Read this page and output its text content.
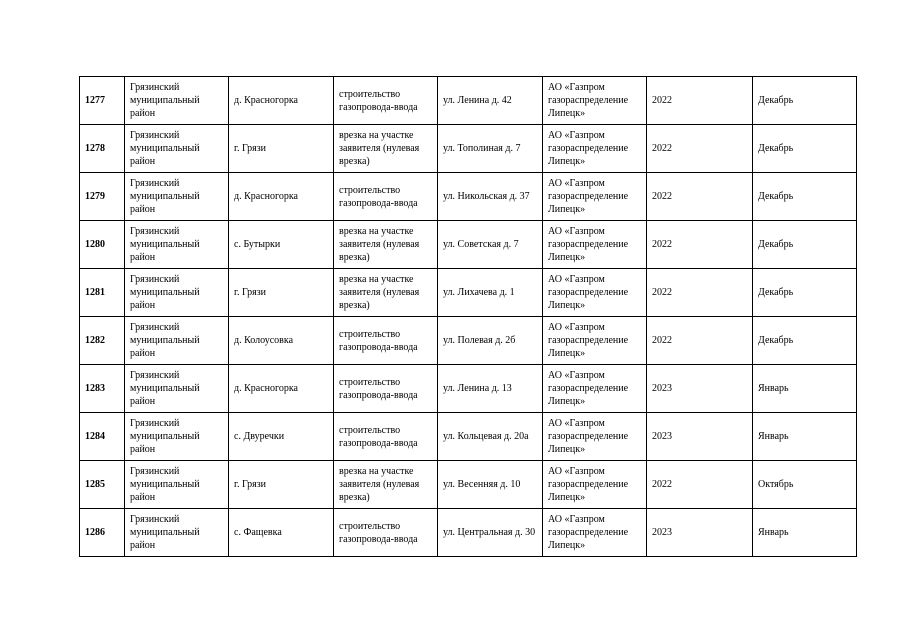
1277	Грязинский муниципальный район	д. Красногорка	строительство газопровода-ввода	ул. Ленина д. 42	АО «Газпром газораспределение Липецк»	2022	Декабрь
1278	Грязинский муниципальный район	г. Грязи	врезка на участке заявителя (нулевая врезка)	ул. Тополиная д. 7	АО «Газпром газораспределение Липецк»	2022	Декабрь
1279	Грязинский муниципальный район	д. Красногорка	строительство газопровода-ввода	ул. Никольская д. 37	АО «Газпром газораспределение Липецк»	2022	Декабрь
1280	Грязинский муниципальный район	с. Бутырки	врезка на участке заявителя (нулевая врезка)	ул. Советская д. 7	АО «Газпром газораспределение Липецк»	2022	Декабрь
1281	Грязинский муниципальный район	г. Грязи	врезка на участке заявителя (нулевая врезка)	ул. Лихачева д. 1	АО «Газпром газораспределение Липецк»	2022	Декабрь
1282	Грязинский муниципальный район	д. Колоусовка	строительство газопровода-ввода	ул. Полевая д. 2б	АО «Газпром газораспределение Липецк»	2022	Декабрь
1283	Грязинский муниципальный район	д. Красногорка	строительство газопровода-ввода	ул. Ленина д. 13	АО «Газпром газораспределение Липецк»	2023	Январь
1284	Грязинский муниципальный район	с. Двуречки	строительство газопровода-ввода	ул. Кольцевая д. 20а	АО «Газпром газораспределение Липецк»	2023	Январь
1285	Грязинский муниципальный район	г. Грязи	врезка на участке заявителя (нулевая врезка)	ул. Весенняя д. 10	АО «Газпром газораспределение Липецк»	2022	Октябрь
1286	Грязинский муниципальный район	с. Фащевка	строительство газопровода-ввода	ул. Центральная д. 30	АО «Газпром газораспределение Липецк»	2023	Январь
